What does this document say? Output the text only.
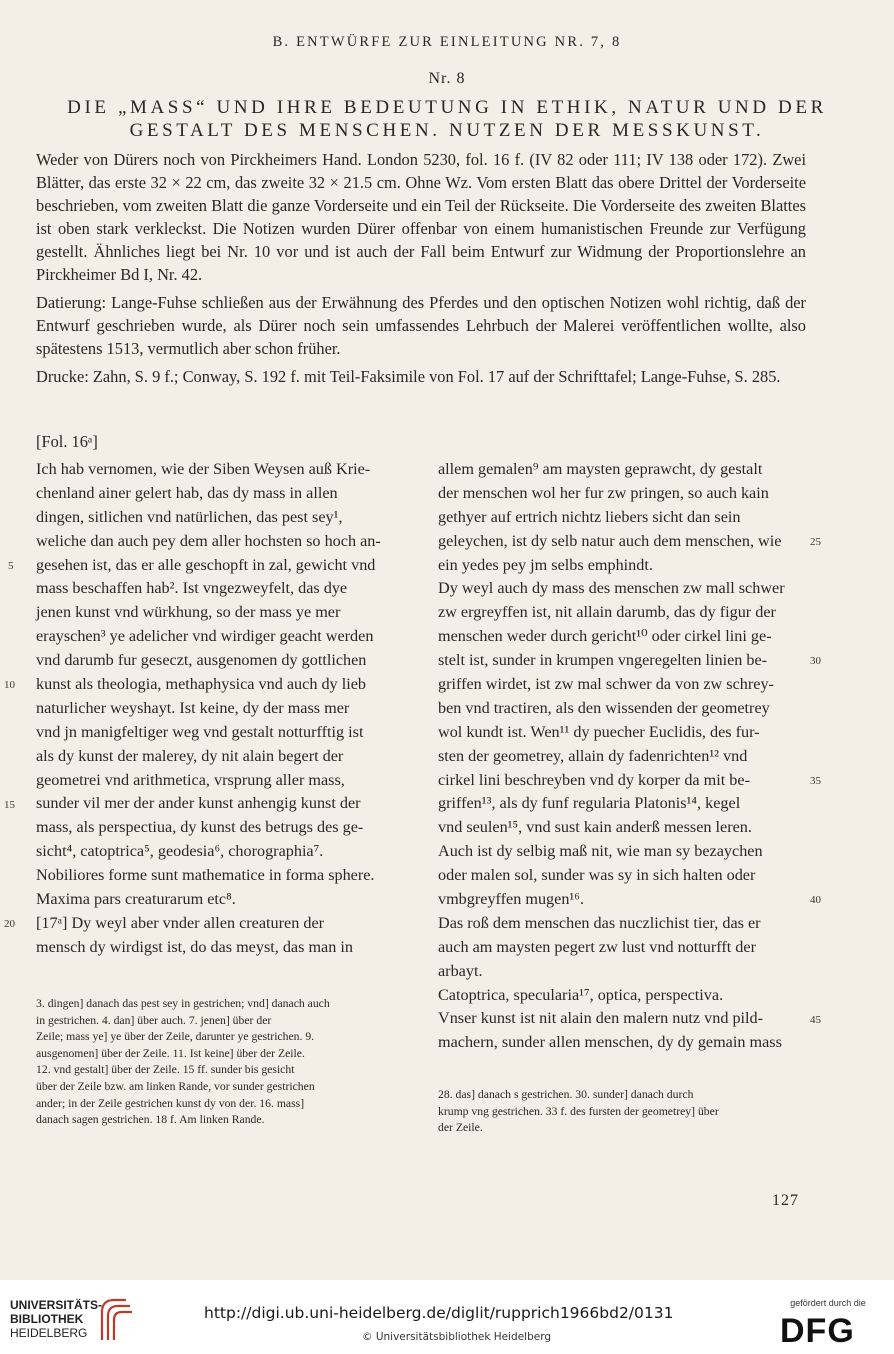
B. ENTWÜRFE ZUR EINLEITUNG NR. 7, 8
Nr. 8
DIE „MASS“ UND IHRE BEDEUTUNG IN ETHIK, NATUR UND DER
GESTALT DES MENSCHEN. NUTZEN DER MESSKUNST.

Weder von Dürers noch von Pirckheimers Hand. London 5230, fol. 16 f. (IV 82 oder 111; IV 138 oder 172). Zwei Blätter, das erste 32 × 22 cm, das zweite 32 × 21.5 cm. Ohne Wz. Vom ersten Blatt das obere Drittel der Vorderseite beschrieben, vom zweiten Blatt die ganze Vorderseite und ein Teil der Rückseite. Die Vorderseite des zweiten Blattes ist oben stark verkleckst. Die Notizen wurden Dürer offenbar von einem humanistischen Freunde zur Verfügung gestellt. Ähnliches liegt bei Nr. 10 vor und ist auch der Fall beim Entwurf zur Widmung der Proportionslehre an Pirckheimer Bd I, Nr. 42.

Datierung: Lange-Fuhse schließen aus der Erwähnung des Pferdes und den optischen Notizen wohl richtig, daß der Entwurf geschrieben wurde, als Dürer noch sein umfassendes Lehrbuch der Malerei veröffentlichen wollte, also spätestens 1513, vermutlich aber schon früher.

Drucke: Zahn, S. 9 f.; Conway, S. 192 f. mit Teil-Faksimile von Fol. 17 auf der Schrifttafel; Lange-Fuhse, S. 285.

[Fol. 16ᵃ]
Ich hab vernomen, wie der Siben Weysen auß Krie-
chenland ainer gelert hab, das dy mass in allen
dingen, sitlichen vnd natürlichen, das pest sey¹,
weliche dan auch pey dem aller hochsten so hoch an-
gesehen ist, das er alle geschopft in zal, gewicht vnd
mass beschaffen hab². Ist vngezweyfelt, das dye
jenen kunst vnd würkhung, so der mass ye mer
erayschen³ ye adelicher vnd wirdiger geacht werden
vnd darumb fur geseczt, ausgenomen dy gottlichen
kunst als theologia, methaphysica vnd auch dy lieb
naturlicher weyshayt. Ist keine, dy der mass mer
vnd jn manigfeltiger weg vnd gestalt notturfftig ist
als dy kunst der malerey, dy nit alain begert der
geometrei vnd arithmetica, vrsprung aller mass,
sunder vil mer der ander kunst anhengig kunst der
mass, als perspectiua, dy kunst des betrugs des ge-
sicht⁴, catoptrica⁵, geodesia⁶, chorographia⁷.
Nobiliores forme sunt mathematice in forma sphere.
Maxima pars creaturarum etc⁸.
[17ᵃ] Dy weyl aber vnder allen creaturen der
mensch dy wirdigst ist, do das meyst, das man in
allem gemalen⁹ am maysten geprawcht, dy gestalt
der menschen wol her fur zw pringen, so auch kain
gethyer auf ertrich nichtz liebers sicht dan sein
geleychen, ist dy selb natur auch dem menschen, wie
ein yedes pey jm selbs emphindt.
Dy weyl auch dy mass des menschen zw mall schwer
zw ergreyffen ist, nit allain darumb, das dy figur der
menschen weder durch gericht¹⁰ oder cirkel lini ge-
stelt ist, sunder in krumpen vngeregelten linien be-
griffen wirdet, ist zw mal schwer da von zw schrey-
ben vnd tractiren, als den wissenden der geometrey
wol kundt ist. Wen¹¹ dy puecher Euclidis, des fur-
sten der geometrey, allain dy fadenrichten¹² vnd
cirkel lini beschreyben vnd dy korper da mit be-
griffen¹³, als dy funf regularia Platonis¹⁴, kegel
vnd seulen¹⁵, vnd sust kain anderß messen leren.
Auch ist dy selbig maß nit, wie man sy bezaychen
oder malen sol, sunder was sy in sich halten oder
vmbgreyffen mugen¹⁶.
Das roß dem menschen das nuczlichist tier, das er
auch am maysten pegert zw lust vnd notturfft der
arbayt.
Catoptrica, specularia¹⁷, optica, perspectiva.
Vnser kunst ist nit alain den malern nutz vnd pild-
machern, sunder allen menschen, dy dy gemain mass
5
10
15
20
25
30
35
40
45
3. dingen] danach das pest sey in gestrichen; vnd] danach auch
in gestrichen. 4. dan] über auch. 7. jenen] über der
Zeile; mass ye] ye über der Zeile, darunter ye gestrichen. 9.
ausgenomen] über der Zeile. 11. Ist keine] über der Zeile.
12. vnd gestalt] über der Zeile. 15 ff. sunder bis gesicht
über der Zeile bzw. am linken Rande, vor sunder gestrichen
ander; in der Zeile gestrichen kunst dy von der. 16. mass]
danach sagen gestrichen. 18 f. Am linken Rande.
28. das] danach s gestrichen. 30. sunder] danach durch
krump vng gestrichen. 33 f. des fursten der geometrey] über
der Zeile.
127
UNIVERSITÄTS-
BIBLIOTHEK
HEIDELBERG
http://digi.ub.uni-heidelberg.de/diglit/rupprich1966bd2/0131
© Universitätsbibliothek Heidelberg
gefördert durch die
DFG
